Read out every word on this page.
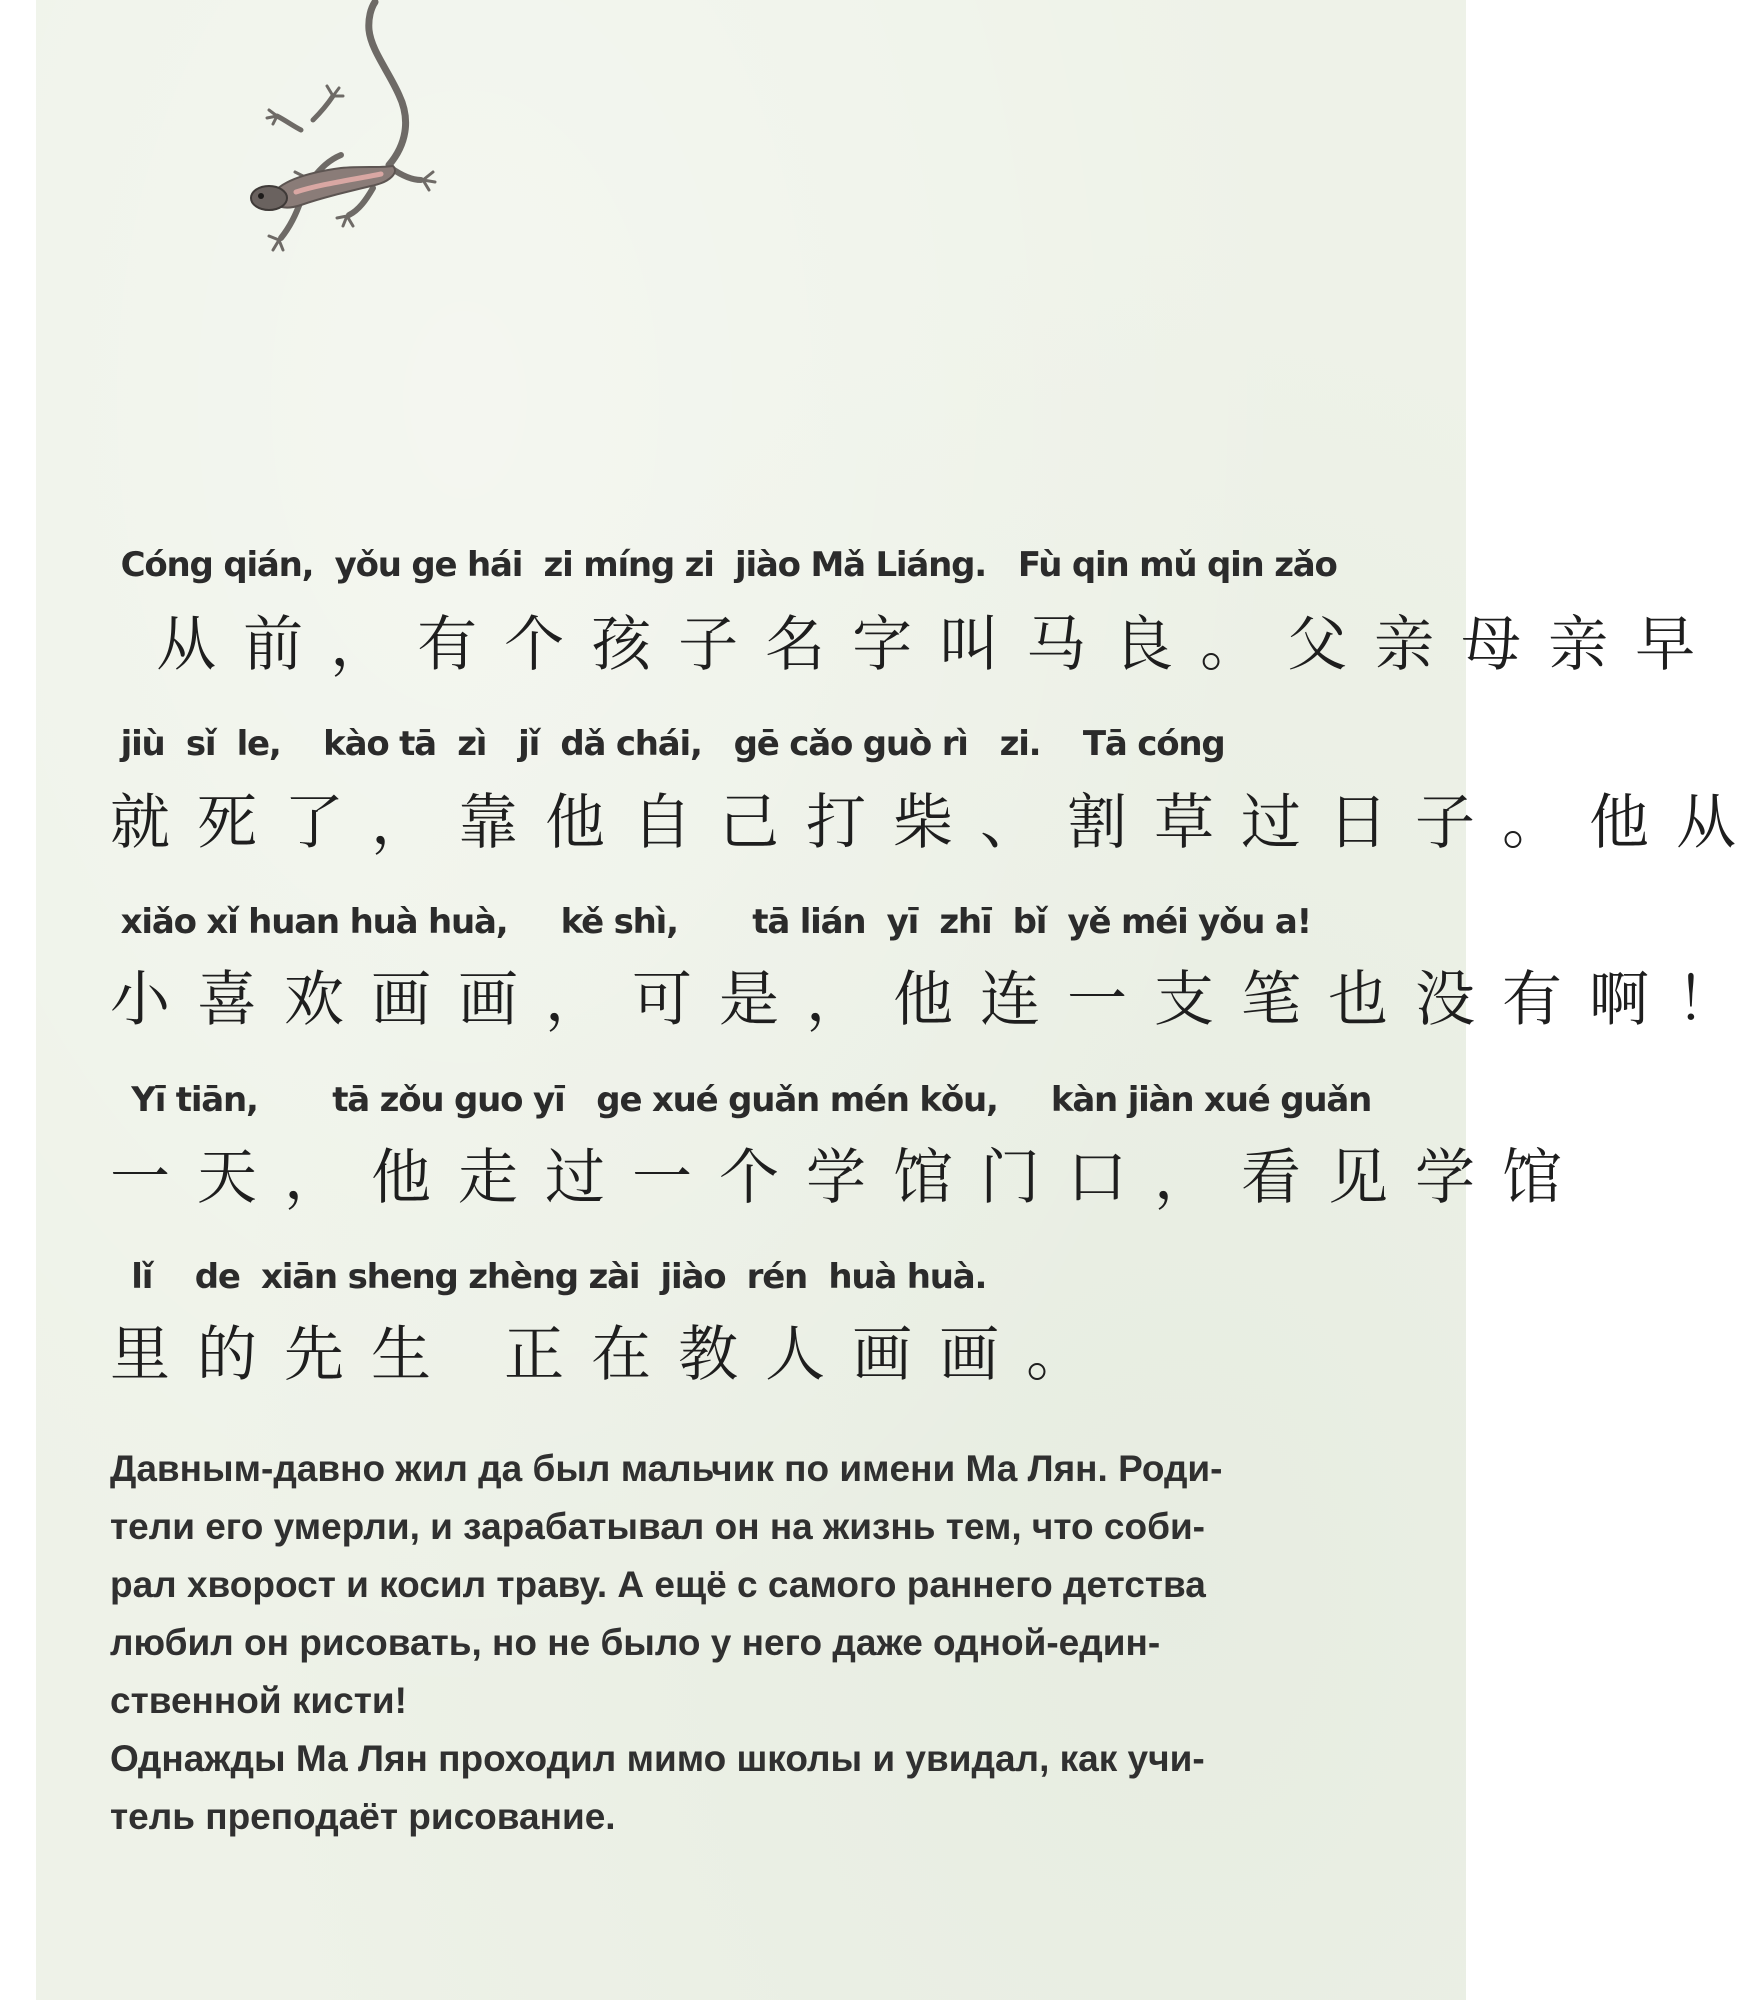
Cóng qián,  yǒu ge hái  zi míng zi  jiào Mǎ Liáng.   Fù qin mǔ qin zǎo

从前，有个孩子名字叫马良。父亲母亲早

jiù  sǐ  le,    kào tā  zì   jǐ  dǎ chái,   gē cǎo guò rì   zi.    Tā cóng

就死了，靠他自己打柴、割草过日子。他从

xiǎo xǐ huan huà huà,     kě shì,       tā lián  yī  zhī  bǐ  yě méi yǒu a!

小喜欢画画，可是，他连一支笔也没有啊！

Yī tiān,       tā zǒu guo yī   ge xué guǎn mén kǒu,     kàn jiàn xué guǎn

一天，他走过一个学馆门口，看见学馆

lǐ    de  xiān sheng zhèng zài  jiào  rén  huà huà.

里的先生 正在教人画画。

Давным-давно жил да был мальчик по имени Ма Лян. Роди-
тели его умерли, и зарабатывал он на жизнь тем, что соби-
рал хворост и косил траву. А ещё с самого раннего детства
любил он рисовать, но не было у него даже одной-един-
ственной кисти!
Однажды Ма Лян проходил мимо школы и увидал, как учи-
тель преподаёт рисование.
